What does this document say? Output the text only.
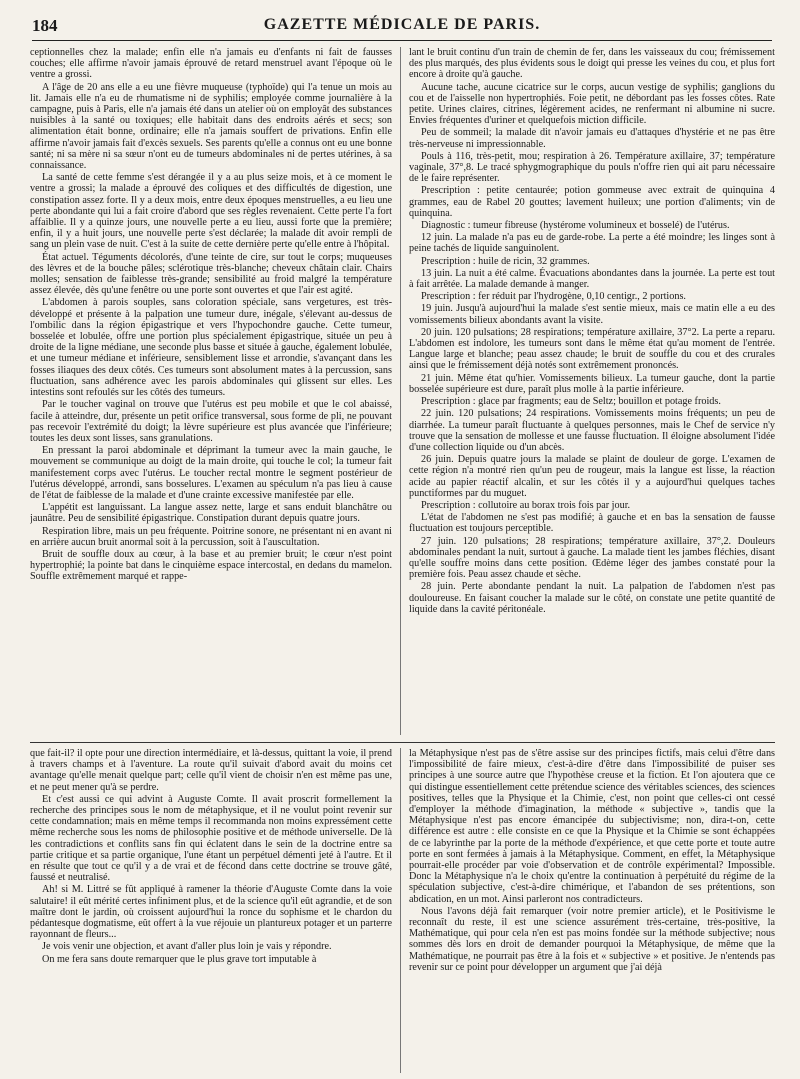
184	GAZETTE MÉDICALE DE PARIS.

ceptionnelles chez la malade; enfin elle n'a jamais eu d'enfants ni fait de fausses couches; elle affirme n'avoir jamais éprouvé de retard menstruel avant l'époque où le ventre a grossi.

A l'âge de 20 ans elle a eu une fièvre muqueuse (typhoïde) qui l'a tenue un mois au lit. Jamais elle n'a eu de rhumatisme ni de syphilis; employée comme journalière à la campagne, puis à Paris, elle n'a jamais été dans un atelier où on employât des substances nuisibles à la santé ou toxiques; elle habitait dans des endroits aérés et secs; son alimentation était bonne, ordinaire; elle n'a jamais souffert de privations. Enfin elle affirme n'avoir jamais fait d'excès sexuels. Ses parents qu'elle a connus ont eu une bonne santé; ni sa mère ni sa sœur n'ont eu de tumeurs abdominales ni de pertes utérines, à sa connaissance.

La santé de cette femme s'est dérangée il y a au plus seize mois, et à ce moment le ventre a grossi; la malade a éprouvé des coliques et des difficultés de digestion, une constipation assez forte. Il y a deux mois, entre deux époques menstruelles, a eu lieu une perte abondante qui lui a fait croire d'abord que ses règles revenaient. Cette perte l'a fort affaiblie. Il y a quinze jours, une nouvelle perte a eu lieu, aussi forte que la première; enfin, il y a huit jours, une nouvelle perte s'est déclarée; la malade dit avoir rempli de sang un plein vase de nuit. C'est à la suite de cette dernière perte qu'elle entre à l'hôpital.

État actuel. Téguments décolorés, d'une teinte de cire, sur tout le corps; muqueuses des lèvres et de la bouche pâles; sclérotique très-blanche; cheveux châtain clair. Chairs molles; sensation de faiblesse très-grande; sensibilité au froid malgré la température assez élevée, dès qu'une fenêtre ou une porte sont ouvertes et que l'air est agité.

L'abdomen à parois souples, sans coloration spéciale, sans vergetures, est très-développé et présente à la palpation une tumeur dure, inégale, s'élevant au-dessus de l'ombilic dans la région épigastrique et vers l'hypochondre gauche. Cette tumeur, bosselée et lobulée, offre une portion plus spécialement épigastrique, située un peu à droite de la ligne médiane, une seconde plus basse et située à gauche, également lobulée, et une tumeur médiane et inférieure, sensiblement lisse et arrondie, s'avançant dans les fosses iliaques des deux côtés. Ces tumeurs sont absolument mates à la percussion, sans fluctuation, sans adhérence avec les parois abdominales qui glissent sur elles. Les intestins sont refoulés sur les côtés des tumeurs.

Par le toucher vaginal on trouve que l'utérus est peu mobile et que le col abaissé, facile à atteindre, dur, présente un petit orifice transversal, sous forme de pli, ne pouvant pas recevoir l'extrémité du doigt; la lèvre supérieure est plus avancée que l'inférieure; toutes les deux sont lisses, sans granulations.

En pressant la paroi abdominale et déprimant la tumeur avec la main gauche, le mouvement se communique au doigt de la main droite, qui touche le col; la tumeur fait manifestement corps avec l'utérus. Le toucher rectal montre le segment postérieur de l'utérus développé, arrondi, sans bosselures. L'examen au spéculum n'a pas lieu à cause de l'état de faiblesse de la malade et d'une crainte excessive manifestée par elle.

L'appétit est languissant. La langue assez nette, large et sans enduit blanchâtre ou jaunâtre. Peu de sensibilité épigastrique. Constipation durant depuis quatre jours.

Respiration libre, mais un peu fréquente. Poitrine sonore, ne présentant ni en avant ni en arrière aucun bruit anormal soit à la percussion, soit à l'auscultation.

Bruit de souffle doux au cœur, à la base et au premier bruit; le cœur n'est point hypertrophié; la pointe bat dans le cinquième espace intercostal, en dedans du mamelon. Souffle extrêmement marqué et rappe-

lant le bruit continu d'un train de chemin de fer, dans les vaisseaux du cou; frémissement des plus marqués, des plus évidents sous le doigt qui presse les veines du cou, et plus fort encore à droite qu'à gauche.

Aucune tache, aucune cicatrice sur le corps, aucun vestige de syphilis; ganglions du cou et de l'aisselle non hypertrophiés. Foie petit, ne débordant pas les fosses côtes. Rate petite. Urines claires, citrines, légèrement acides, ne renfermant ni albumine ni sucre. Envies fréquentes d'uriner et quelquefois miction difficile.

Peu de sommeil; la malade dit n'avoir jamais eu d'attaques d'hystérie et ne pas être très-nerveuse ni impressionnable.

Pouls à 116, très-petit, mou; respiration à 26. Température axillaire, 37; température vaginale, 37°,8. Le tracé sphygmographique du pouls n'offre rien qui ait paru nécessaire de le faire représenter.

Prescription : petite centaurée; potion gommeuse avec extrait de quinquina 4 grammes, eau de Rabel 20 gouttes; lavement huileux; une portion d'aliments; vin de quinquina.

Diagnostic : tumeur fibreuse (hystérome volumineux et bosselé) de l'utérus.

12 juin. La malade n'a pas eu de garde-robe. La perte a été moindre; les linges sont à peine tachés de liquide sanguinolent.

Prescription : huile de ricin, 32 grammes.

13 juin. La nuit a été calme. Évacuations abondantes dans la journée. La perte est tout à fait arrêtée. La malade demande à manger.

Prescription : fer réduit par l'hydrogène, 0,10 centigr., 2 portions.

19 juin. Jusqu'à aujourd'hui la malade s'est sentie mieux, mais ce matin elle a eu des vomissements bilieux abondants avant la visite.

20 juin. 120 pulsations; 28 respirations; température axillaire, 37°2. La perte a reparu. L'abdomen est indolore, les tumeurs sont dans le même état qu'au moment de l'entrée. Langue large et blanche; peau assez chaude; le bruit de souffle du cou et des crurales ainsi que le frémissement déjà notés sont extrêmement prononcés.

21 juin. Même état qu'hier. Vomissements bilieux. La tumeur gauche, dont la partie bosselée supérieure est dure, paraît plus molle à la partie inférieure.

Prescription : glace par fragments; eau de Seltz; bouillon et potage froids.

22 juin. 120 pulsations; 24 respirations. Vomissements moins fréquents; un peu de diarrhée. La tumeur paraît fluctuante à quelques personnes, mais le Chef de service n'y trouve que la sensation de mollesse et une fausse fluctuation. Il éloigne absolument l'idée d'une collection liquide ou d'un abcès.

26 juin. Depuis quatre jours la malade se plaint de douleur de gorge. L'examen de cette région n'a montré rien qu'un peu de rougeur, mais la langue est lisse, la réaction acide au papier réactif alcalin, et sur les côtés il y a aujourd'hui quelques taches punctiformes par du muguet.

Prescription : collutoire au borax trois fois par jour.

L'état de l'abdomen ne s'est pas modifié; à gauche et en bas la sensation de fausse fluctuation est toujours perceptible.

27 juin. 120 pulsations; 28 respirations; température axillaire, 37°,2. Douleurs abdominales pendant la nuit, surtout à gauche. La malade tient les jambes fléchies, disant qu'elle souffre moins dans cette position. Œdème léger des jambes constaté pour la première fois. Peau assez chaude et sèche.

28 juin. Perte abondante pendant la nuit. La palpation de l'abdomen n'est pas douloureuse. En faisant coucher la malade sur le côté, on constate une petite quantité de liquide dans la cavité péritonéale.

que fait-il? il opte pour une direction intermédiaire, et là-dessus, quittant la voie, il prend à travers champs et à l'aventure. La route qu'il suivait d'abord avait du moins cet avantage qu'elle menait quelque part; celle qu'il vient de choisir n'en est même pas une, et ne peut mener qu'à se perdre.

Et c'est aussi ce qui advint à Auguste Comte. Il avait proscrit formellement la recherche des principes sous le nom de métaphysique, et il ne voulut point revenir sur cette condamnation; mais en même temps il recommanda non moins expressément cette même recherche sous les noms de philosophie positive et de méthode universelle. De là les contradictions et conflits sans fin qui éclatent dans le sein de la doctrine entre sa partie critique et sa partie organique, l'une étant un perpétuel démenti jeté à l'autre. Et il en résulte que tout ce qu'il y a de vrai et de fécond dans cette doctrine se trouve gâté, faussé et neutralisé.

Ah! si M. Littré se fût appliqué à ramener la théorie d'Auguste Comte dans la voie salutaire! il eût mérité certes infiniment plus, et de la science qu'il eût agrandie, et de son maître dont le jardin, où croissent aujourd'hui la ronce du sophisme et le chardon du pédantesque dogmatisme, eût offert à la vue réjouie un plantureux potager et un parterre rayonnant de fleurs...

Je vois venir une objection, et avant d'aller plus loin je vais y répondre.

On me fera sans doute remarquer que le plus grave tort imputable à

la Métaphysique n'est pas de s'être assise sur des principes fictifs, mais celui d'être dans l'impossibilité de faire mieux, c'est-à-dire d'être dans l'impossibilité de puiser ses principes à une source autre que l'hypothèse creuse et la fiction. Et l'on ajoutera que ce qui distingue essentiellement cette prétendue science des véritables sciences, des sciences positives, telles que la Physique et la Chimie, c'est, non point que celles-ci ont cessé d'employer la méthode d'imagination, la méthode « subjective », tandis que la Métaphysique n'est pas encore émancipée du subjectivisme; non, dira-t-on, cette différence est autre : elle consiste en ce que la Physique et la Chimie se sont échappées de ce labyrinthe par la porte de la méthode d'expérience, et que cette porte et toute autre porte en sont fermées à jamais à la Métaphysique. Comment, en effet, la Métaphysique pourrait-elle procéder par voie d'observation et de contrôle expérimental? Impossible. Donc la Métaphysique n'a le choix qu'entre la continuation à perpétuité du régime de la spéculation subjective, c'est-à-dire chimérique, et l'abandon de ses prétentions, son abdication, en un mot. Ainsi parleront nos contradicteurs.

Nous l'avons déjà fait remarquer (voir notre premier article), et le Positivisme le reconnaît du reste, il est une science assurément très-certaine, très-positive, la Mathématique, qui pour cela n'en est pas moins fondée sur la méthode subjective; nous sommes dès lors en droit de demander pourquoi la Métaphysique, de même que la Mathématique, ne pourrait pas être à la fois et « subjective » et positive. Je n'entends pas revenir sur ce point pour développer un argument que j'ai déjà
